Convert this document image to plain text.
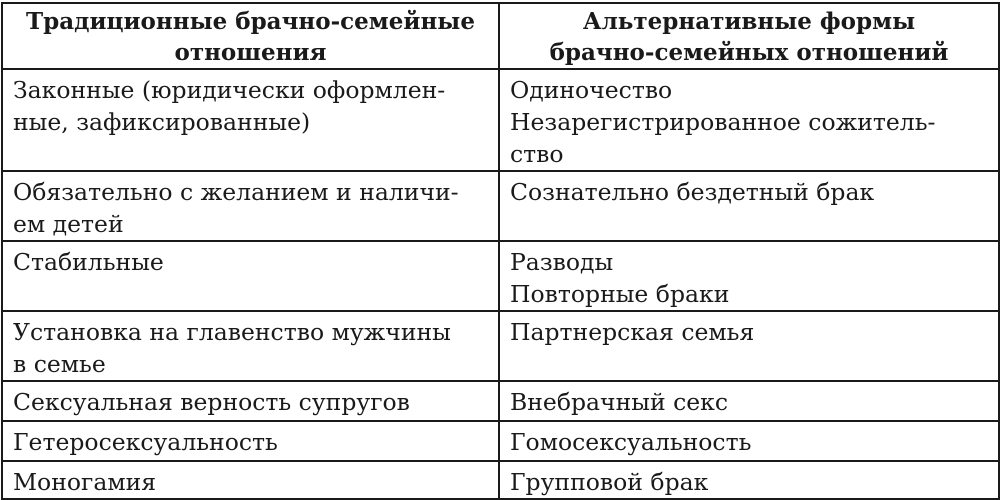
Традиционные брачно-семейные
отношения	Альтернативные формы
брачно-семейных отношений

Законные (юридически оформлен-
ные, зафиксированные)	Одиночество
Незарегистрированное сожитель-
ство

Обязательно с желанием и наличи-
ем детей	Сознательно бездетный брак

Стабильные	Разводы
Повторные браки

Установка на главенство мужчины
в семье	Партнерская семья

Сексуальная верность супругов	Внебрачный секс

Гетеросексуальность	Гомосексуальность

Моногамия	Групповой брак
